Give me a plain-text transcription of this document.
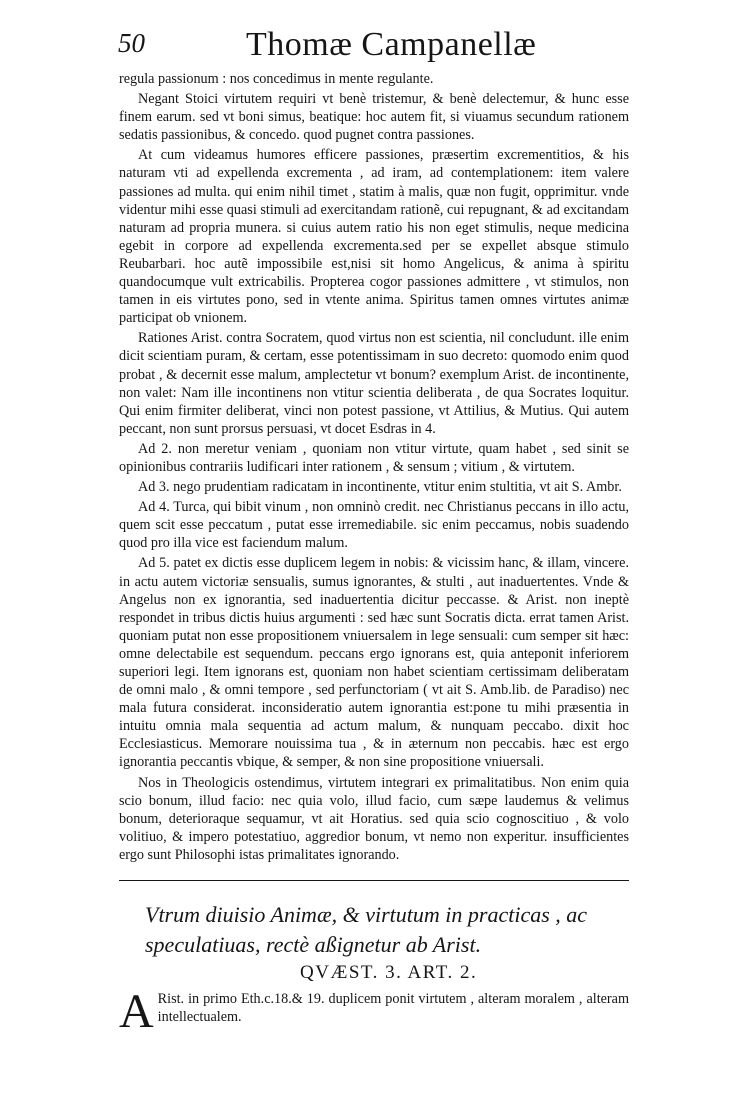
50	Thomæ Campanellæ

regula passionum : nos concedimus in mente regulante.

Negant Stoici virtutem requiri vt benè tristemur, & benè delectemur, & hunc esse finem earum. sed vt boni simus, beatique: hoc autem fit, si viuamus secundum rationem sedatis passionibus, & concedo. quod pugnet contra passiones.

At cum videamus humores efficere passiones, præsertim excrementitios, & his naturam vti ad expellenda excrementa , ad iram, ad contemplationem: item valere passiones ad multa. qui enim nihil timet , statim à malis, quæ non fugit, opprimitur. vnde videntur mihi esse quasi stimuli ad exercitandam rationẽ, cui repugnant, & ad excitandam naturam ad propria munera. si cuius autem ratio his non eget stimulis, neque medicina egebit in corpore ad expellenda excrementa.sed per se expellet absque stimulo Reubarbari. hoc autẽ impossibile est,nisi sit homo Angelicus, & anima à spiritu quandocumque vult extricabilis. Propterea cogor passiones admittere , vt stimulos, non tamen in eis virtutes pono, sed in vtente anima. Spiritus tamen omnes virtutes animæ participat ob vnionem.

Rationes Arist. contra Socratem, quod virtus non est scientia, nil concludunt. ille enim dicit scientiam puram, & certam, esse potentissimam in suo decreto: quomodo enim quod probat , & decernit esse malum, amplectetur vt bonum? exemplum Arist. de incontinente, non valet: Nam ille incontinens non vtitur scientia deliberata , de qua Socrates loquitur. Qui enim firmiter deliberat, vinci non potest passione, vt Attilius, & Mutius. Qui autem peccant, non sunt prorsus persuasi, vt docet Esdras in 4.

Ad 2. non meretur veniam , quoniam non vtitur virtute, quam habet , sed sinit se opinionibus contrariis ludificari inter rationem , & sensum ; vitium , & virtutem.

Ad 3. nego prudentiam radicatam in incontinente, vtitur enim stultitia, vt ait S. Ambr.

Ad 4. Turca, qui bibit vinum , non omninò credit. nec Christianus peccans in illo actu, quem scit esse peccatum , putat esse irremediabile. sic enim peccamus, nobis suadendo quod pro illa vice est faciendum malum.

Ad 5. patet ex dictis esse duplicem legem in nobis: & vicissim hanc, & illam, vincere. in actu autem victoriæ sensualis, sumus ignorantes, & stulti , aut inaduertentes. Vnde & Angelus non ex ignorantia, sed inaduertentia dicitur peccasse. & Arist. non ineptè respondet in tribus dictis huius argumenti : sed hæc sunt Socratis dicta. errat tamen Arist. quoniam putat non esse propositionem vniuersalem in lege sensuali: cum semper sit hæc: omne delectabile est sequendum. peccans ergo ignorans est, quia anteponit inferiorem superiori legi. Item ignorans est, quoniam non habet scientiam certissimam deliberatam de omni malo , & omni tempore , sed perfunctoriam ( vt ait S. Amb.lib. de Paradiso) nec mala futura considerat. inconsideratio autem ignorantia est:pone tu mihi præsentia in intuitu omnia mala sequentia ad actum malum, & nunquam peccabo. dixit hoc Ecclesiasticus. Memorare nouissima tua , & in æternum non peccabis. hæc est ergo ignorantia peccantis vbique, & semper, & non sine propositione vniuersali.

Nos in Theologicis ostendimus, virtutem integrari ex primalitatibus. Non enim quia scio bonum, illud facio: nec quia volo, illud facio, cum sæpe laudemus & velimus bonum, deterioraque sequamur, vt ait Horatius. sed quia scio cognoscitiuo , & volo volitiuo, & impero potestatiuo, aggredior bonum, vt nemo non experitur. insufficientes ergo sunt Philosophi istas primalitates ignorando.

Vtrum diuisio Animæ, & virtutum in practicas , ac speculatiuas, rectè aßignetur ab Arist.
QVÆST. 3. ART. 2.
A Rist. in primo Eth.c.18.& 19. duplicem ponit virtutem , alteram moralem , alteram intellectualem.
